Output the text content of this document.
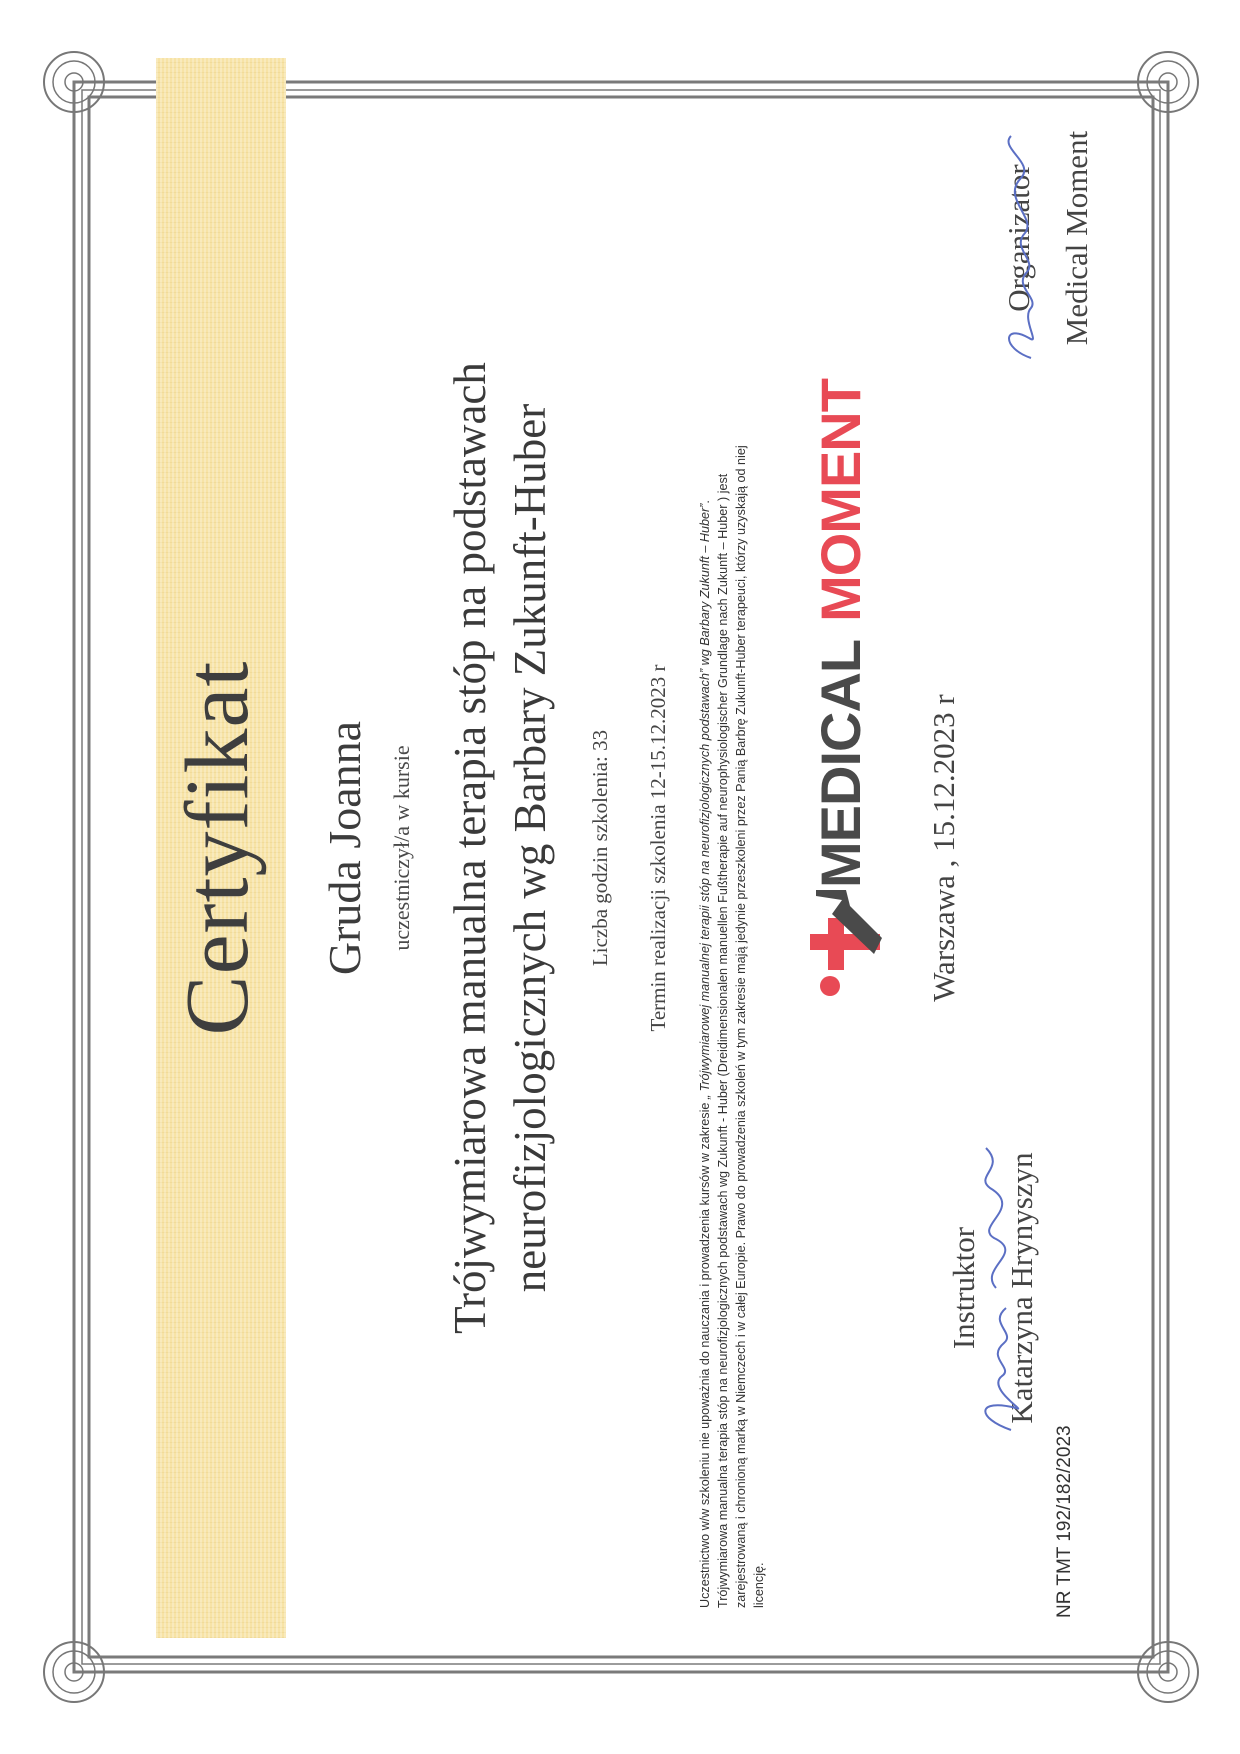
Certyfikat Gruda Joanna uczestniczył/a w kursie Trójwymiarowa manualna terapia stóp na podstawach neurofizjologicznych wg Barbary Zukunft-Huber Liczba godzin szkolenia: 33 Termin realizacji szkolenia 12-15.12.2023 r
Uczestnictwo w/w szkoleniu nie upoważnia do nauczania i prowadzenia kursów w zakresie „ Trójwymiarowej manualnej terapii stóp na neurofizjologicznych podstawach” wg Barbary Zukunft – Huber”. Trójwymiarowa manualna terapia stóp na neurofizjologicznych podstawach wg Zukunft - Huber (Dreidimensionalen manuellen Fußtherapie auf neurophysiologischer Grundlage nach Zukunft – Huber ) jest zarejestrowaną i chronioną marką w Niemczech i w całej Europie. Prawo do prowadzenia szkoleń w tym zakresie mają jedynie przeszkoleni przez Panią Barbrę Zukunft-Huber terapeuci, którzy uzyskają od niej licencję.
MEDICALMOMENT
Warszawa , 15.12.2023 r
Instruktor Katarzyna Hrynyszyn
Organizator Medical Moment
NR TMT 192/182/2023
